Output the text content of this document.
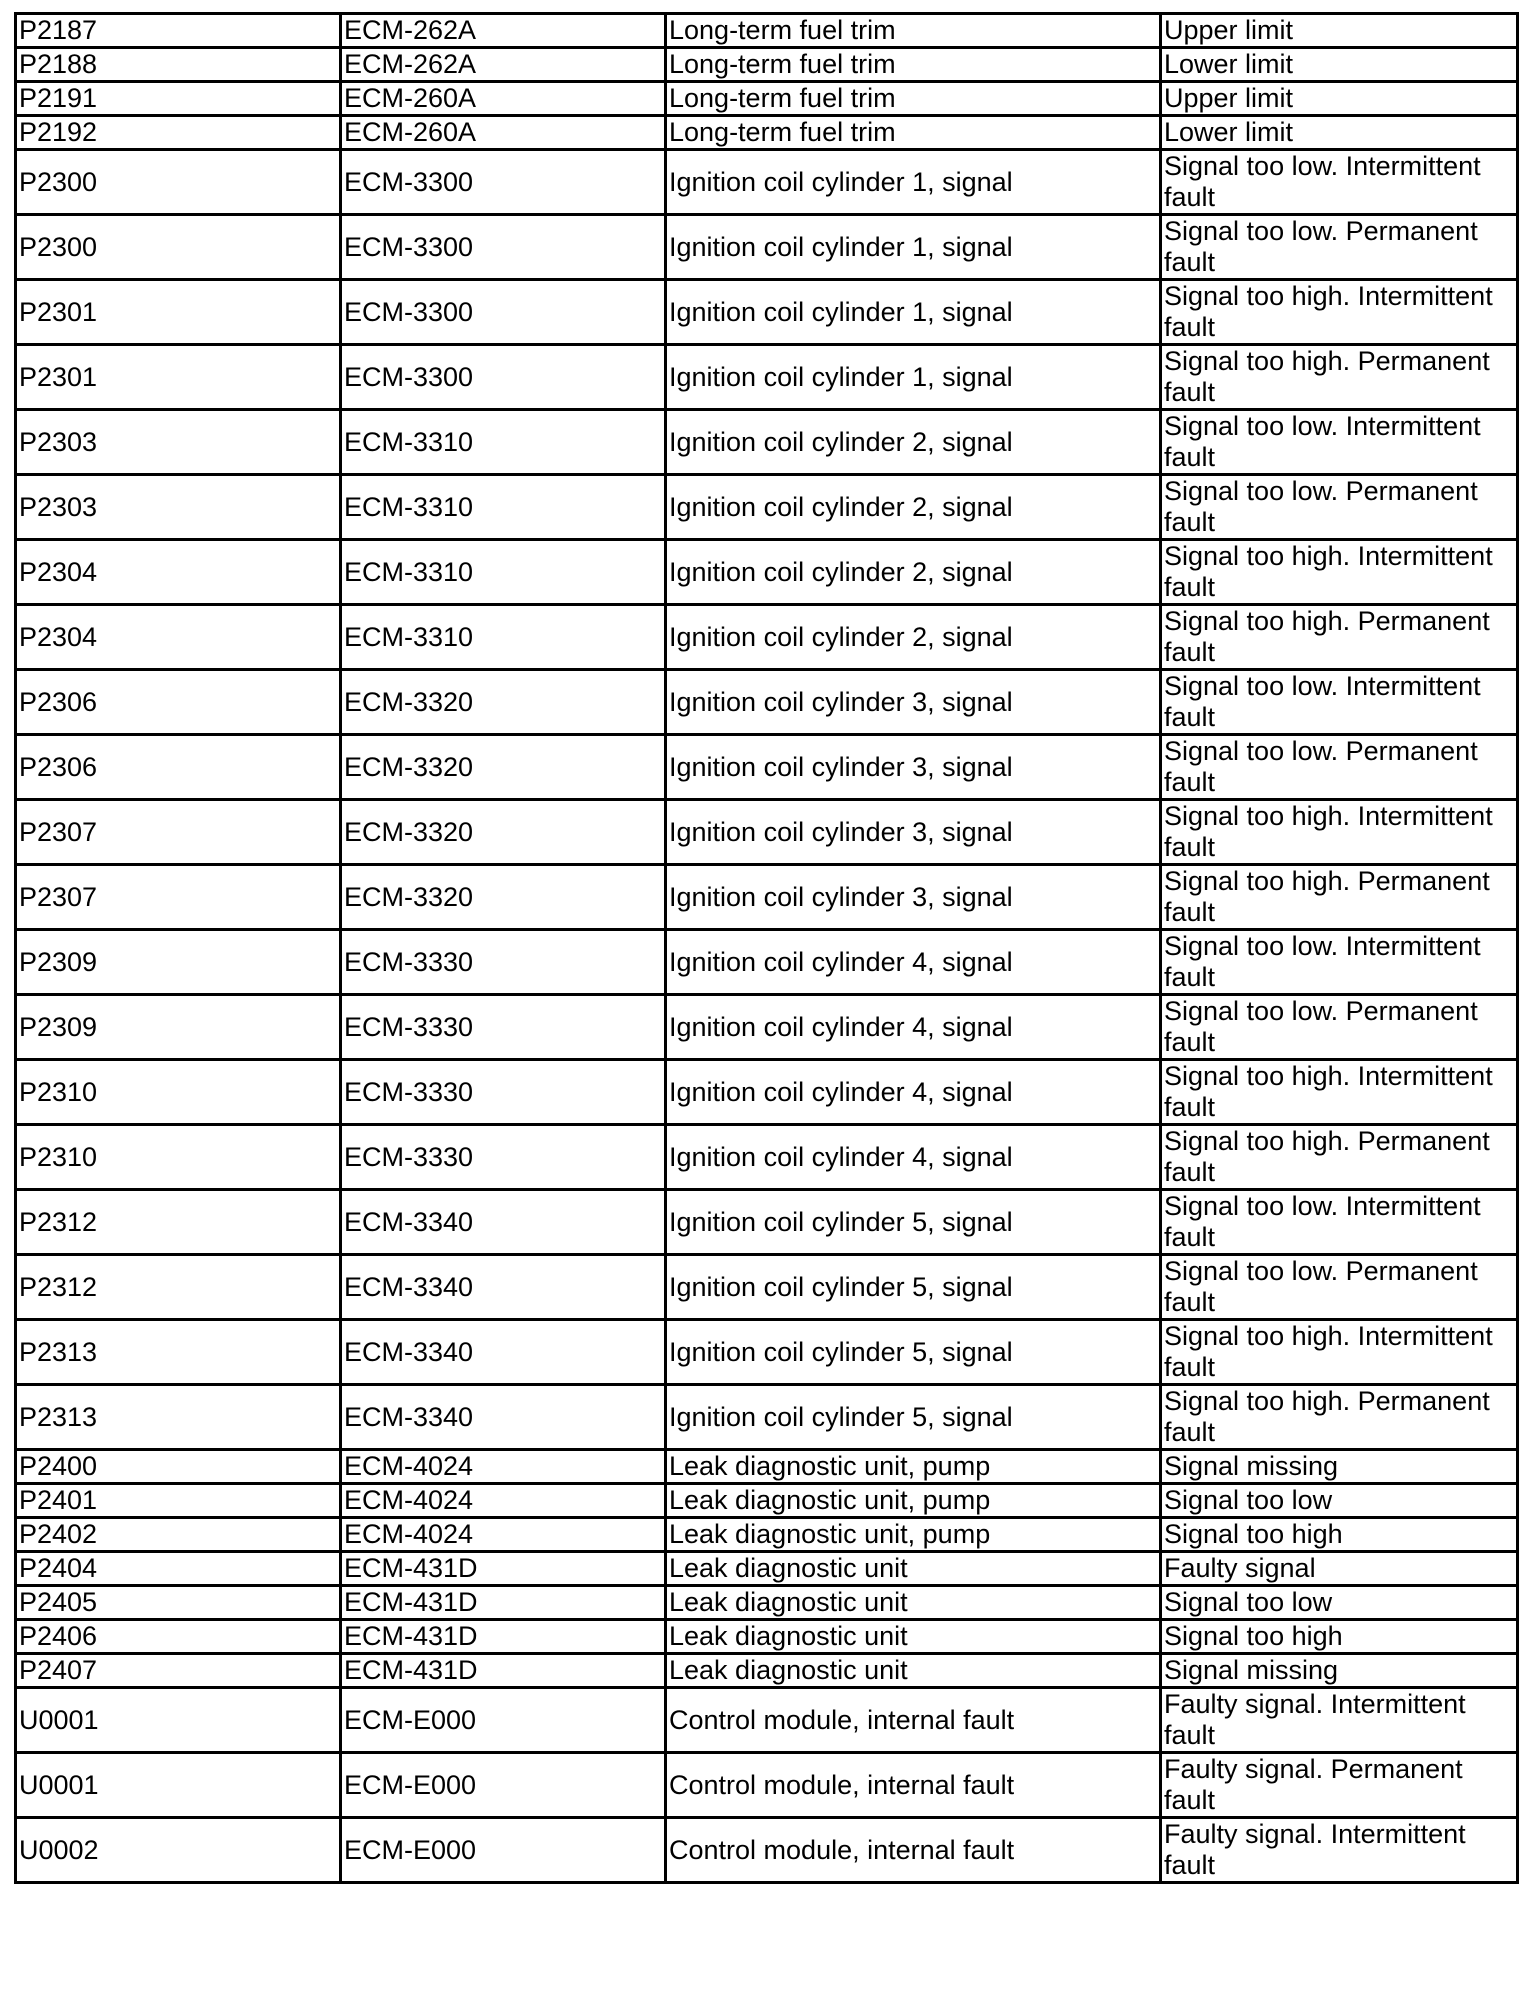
P2187	ECM-262A	Long-term fuel trim	Upper limit
P2188	ECM-262A	Long-term fuel trim	Lower limit
P2191	ECM-260A	Long-term fuel trim	Upper limit
P2192	ECM-260A	Long-term fuel trim	Lower limit
P2300	ECM-3300	Ignition coil cylinder 1, signal	Signal too low. Intermittent fault
P2300	ECM-3300	Ignition coil cylinder 1, signal	Signal too low. Permanent fault
P2301	ECM-3300	Ignition coil cylinder 1, signal	Signal too high. Intermittent fault
P2301	ECM-3300	Ignition coil cylinder 1, signal	Signal too high. Permanent fault
P2303	ECM-3310	Ignition coil cylinder 2, signal	Signal too low. Intermittent fault
P2303	ECM-3310	Ignition coil cylinder 2, signal	Signal too low. Permanent fault
P2304	ECM-3310	Ignition coil cylinder 2, signal	Signal too high. Intermittent fault
P2304	ECM-3310	Ignition coil cylinder 2, signal	Signal too high. Permanent fault
P2306	ECM-3320	Ignition coil cylinder 3, signal	Signal too low. Intermittent fault
P2306	ECM-3320	Ignition coil cylinder 3, signal	Signal too low. Permanent fault
P2307	ECM-3320	Ignition coil cylinder 3, signal	Signal too high. Intermittent fault
P2307	ECM-3320	Ignition coil cylinder 3, signal	Signal too high. Permanent fault
P2309	ECM-3330	Ignition coil cylinder 4, signal	Signal too low. Intermittent fault
P2309	ECM-3330	Ignition coil cylinder 4, signal	Signal too low. Permanent fault
P2310	ECM-3330	Ignition coil cylinder 4, signal	Signal too high. Intermittent fault
P2310	ECM-3330	Ignition coil cylinder 4, signal	Signal too high. Permanent fault
P2312	ECM-3340	Ignition coil cylinder 5, signal	Signal too low. Intermittent fault
P2312	ECM-3340	Ignition coil cylinder 5, signal	Signal too low. Permanent fault
P2313	ECM-3340	Ignition coil cylinder 5, signal	Signal too high. Intermittent fault
P2313	ECM-3340	Ignition coil cylinder 5, signal	Signal too high. Permanent fault
P2400	ECM-4024	Leak diagnostic unit, pump	Signal missing
P2401	ECM-4024	Leak diagnostic unit, pump	Signal too low
P2402	ECM-4024	Leak diagnostic unit, pump	Signal too high
P2404	ECM-431D	Leak diagnostic unit	Faulty signal
P2405	ECM-431D	Leak diagnostic unit	Signal too low
P2406	ECM-431D	Leak diagnostic unit	Signal too high
P2407	ECM-431D	Leak diagnostic unit	Signal missing
U0001	ECM-E000	Control module, internal fault	Faulty signal. Intermittent fault
U0001	ECM-E000	Control module, internal fault	Faulty signal. Permanent fault
U0002	ECM-E000	Control module, internal fault	Faulty signal. Intermittent fault
